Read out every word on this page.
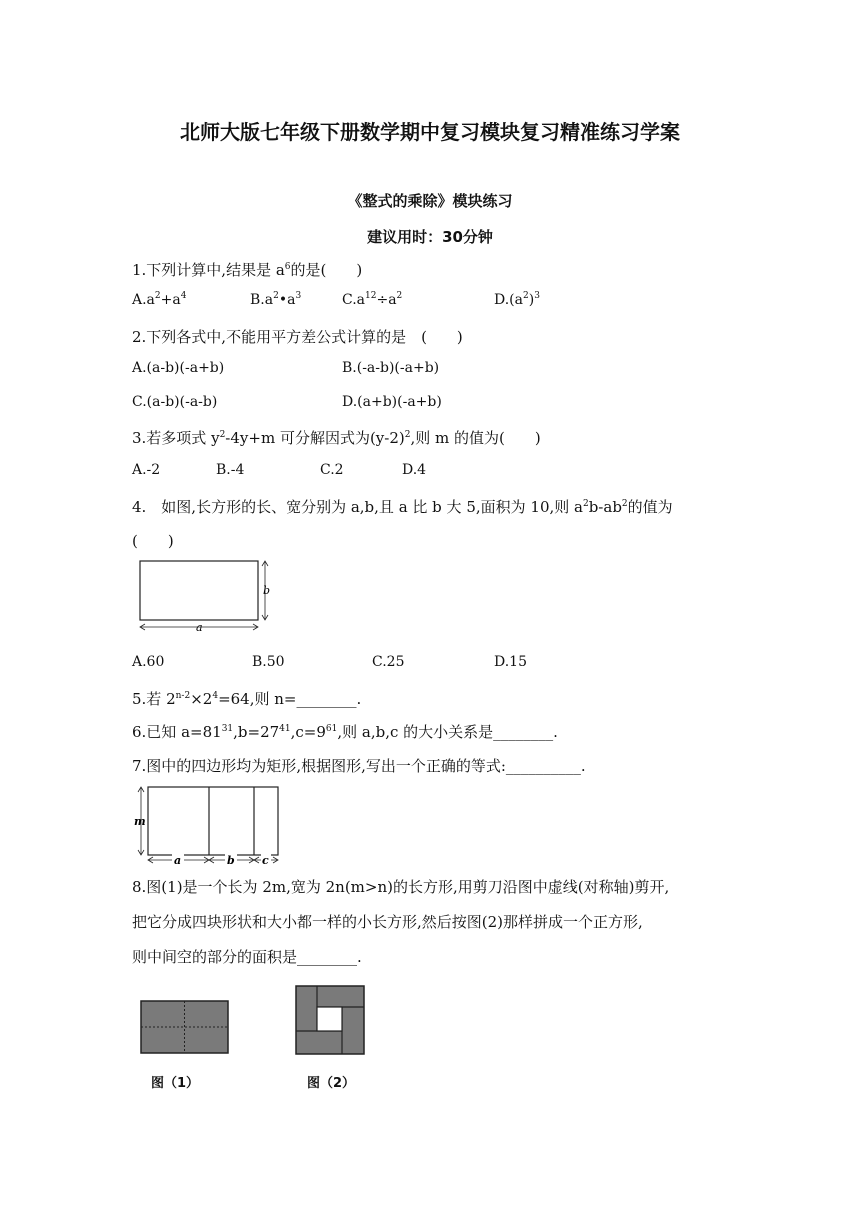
北师大版七年级下册数学期中复习模块复习精准练习学案
《整式的乘除》模块练习
建议用时：30分钟
1.下列计算中,结果是 $a^6$的是(　　)
$A.a^2+a^4$	$B.a^2•a^3$	$C.a^{12}\div a^2$	$D.(a^2)^3$
2.下列各式中,不能用平方差公式计算的是　(　　)
A.(a-b)(-a+b)	B.(-a-b)(-a+b)
C.(a-b)(-a-b)	D.(a+b)(-a+b)
3.若多项式 $y^2-4y+m$ 可分解因式为$(y-2)^2$,则 m 的值为(　　)
A.-2	B.-4	C.2	D.4
4.　如图,长方形的长、宽分别为 a,b,且 a 比 b 大 5,面积为 10,则 $a^2b-ab^2$的值为
(　　)
b
a
A.60	B.50	C.25	D.15
5.若 $2^{n-2}\times 2^4=64$,则 n=________.
6.已知 $a=81^{31},b=27^{41},c=9^{61}$,则 a,b,c 的大小关系是________.
7.图中的四边形均为矩形,根据图形,写出一个正确的等式:__________.
m
a	b c
8.图(1)是一个长为 2m,宽为 2n(m>n)的长方形,用剪刀沿图中虚线(对称轴)剪开,
把它分成四块形状和大小都一样的小长方形,然后按图(2)那样拼成一个正方形,
则中间空的部分的面积是________.
图（1）	图（2）
